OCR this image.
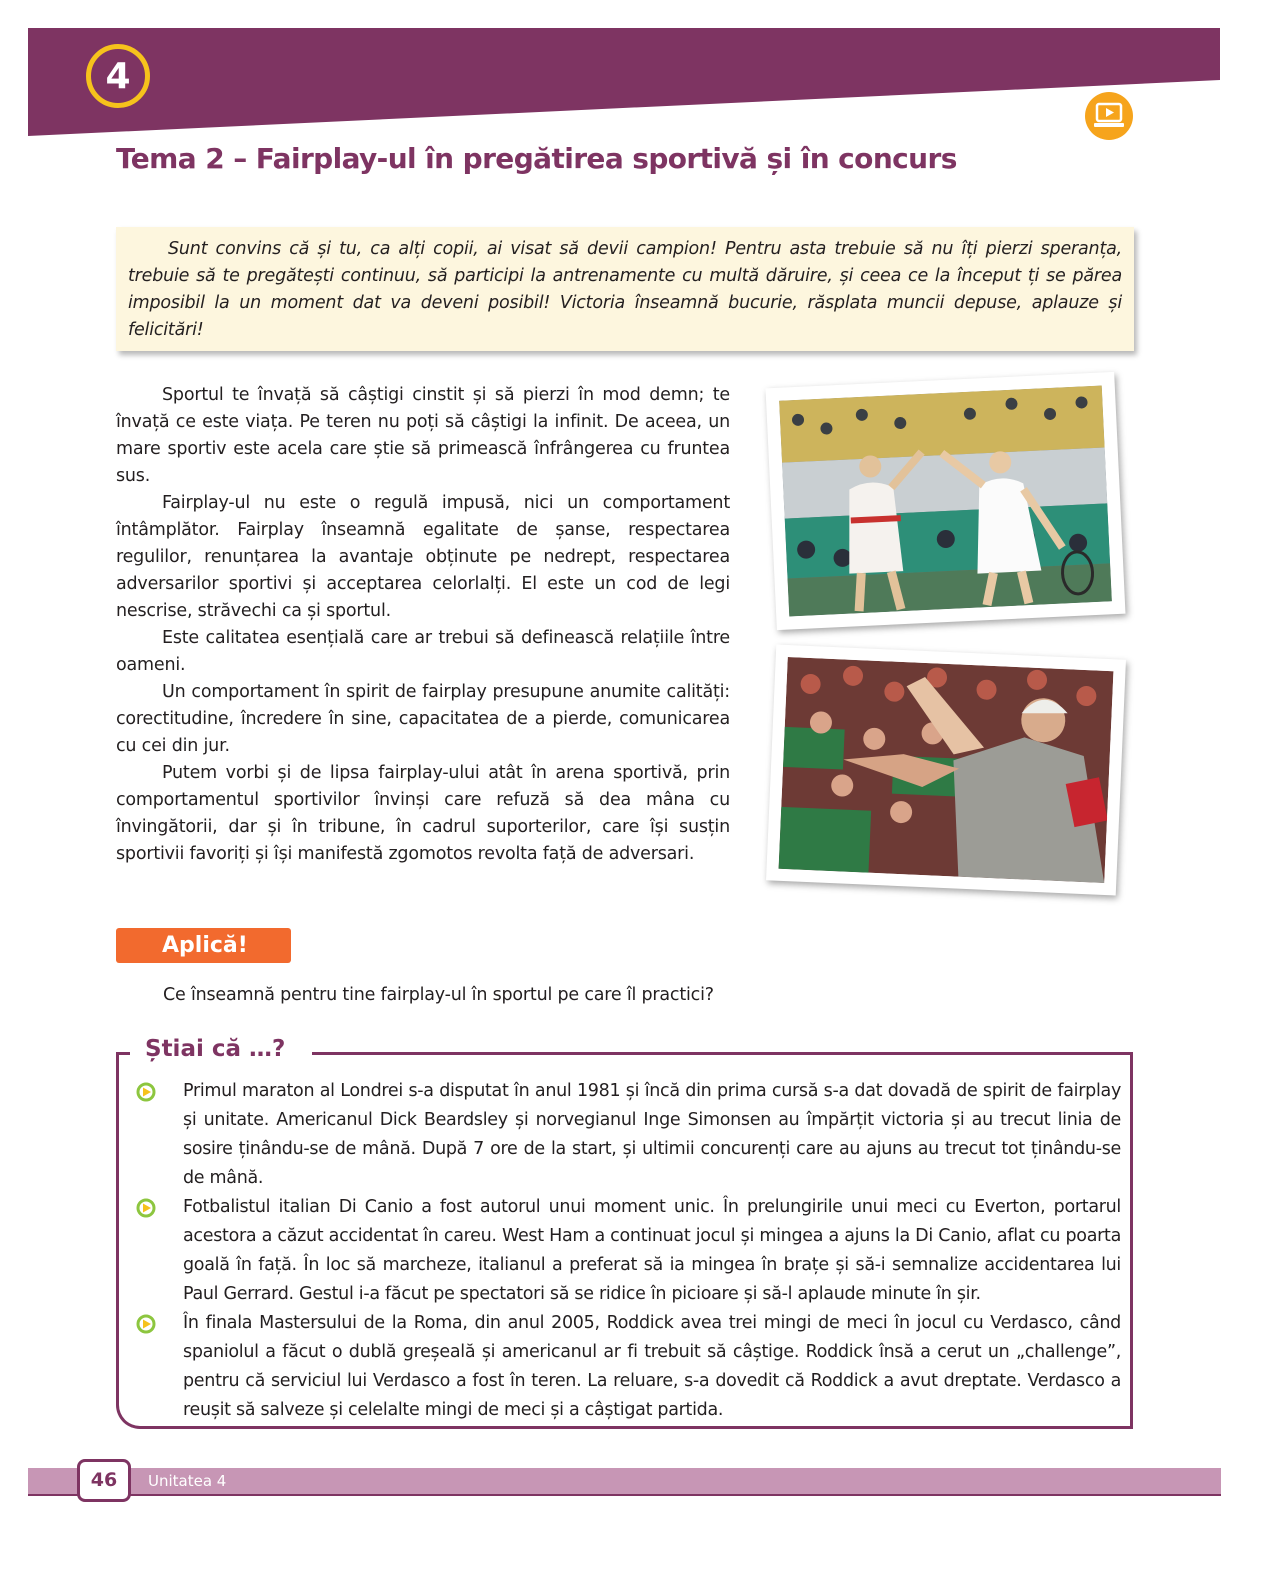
4
Tema 2 – Fairplay-ul în pregătirea sportivă și în concurs

Sunt convins că și tu, ca alți copii, ai visat să devii campion! Pentru asta trebuie să nu îți pierzi speranța, trebuie să te pregătești continuu, să participi la antrenamente cu multă dăruire, și ceea ce la început ți se părea imposibil la un moment dat va deveni posibil! Victoria înseamnă bucurie, răsplata muncii depuse, aplauze și felicitări!

Sportul te învață să câștigi cinstit și să pierzi în mod demn; te învață ce este viața. Pe teren nu poți să câștigi la infinit. De aceea, un mare sportiv este acela care știe să primească înfrângerea cu fruntea sus.

Fairplay-ul nu este o regulă impusă, nici un comportament întâmplător. Fairplay înseamnă egalitate de șanse, respectarea regulilor, renunțarea la avantaje obținute pe nedrept, respectarea adversarilor sportivi și acceptarea celorlalți. El este un cod de legi nescrise, străvechi ca și sportul.

Este calitatea esențială care ar trebui să definească relațiile între oameni.

Un comportament în spirit de fairplay presupune anumite calități: corectitudine, încredere în sine, capacitatea de a pierde, comunicarea cu cei din jur.

Putem vorbi și de lipsa fairplay-ului atât în arena sportivă, prin comportamentul sportivilor învinși care refuză să dea mâna cu învingătorii, dar și în tribune, în cadrul suporterilor, care își susțin sportivii favoriți și își manifestă zgomotos revolta față de adversari.

Aplică!
Ce înseamnă pentru tine fairplay-ul în sportul pe care îl practici?
Știai că …?
Primul maraton al Londrei s-a disputat în anul 1981 și încă din prima cursă s-a dat dovadă de spirit de fairplay și unitate. Americanul Dick Beardsley și norvegianul Inge Simonsen au împărțit victoria și au trecut linia de sosire ținându-se de mână. După 7 ore de la start, și ultimii concurenți care au ajuns au trecut tot ținându-se de mână.
Fotbalistul italian Di Canio a fost autorul unui moment unic. În prelungirile unui meci cu Everton, portarul acestora a căzut accidentat în careu. West Ham a continuat jocul și mingea a ajuns la Di Canio, aflat cu poarta goală în față. În loc să marcheze, italianul a preferat să ia mingea în brațe și să-i semnalize accidentarea lui Paul Gerrard. Gestul i-a făcut pe spectatori să se ridice în picioare și să-l aplaude minute în șir.
În finala Mastersului de la Roma, din anul 2005, Roddick avea trei mingi de meci în jocul cu Verdasco, când spaniolul a făcut o dublă greșeală și americanul ar fi trebuit să câștige. Roddick însă a cerut un „challenge”, pentru că serviciul lui Verdasco a fost în teren. La reluare, s-a dovedit că Roddick a avut dreptate. Verdasco a reușit să salveze și celelalte mingi de meci și a câștigat partida.
46	Unitatea 4
